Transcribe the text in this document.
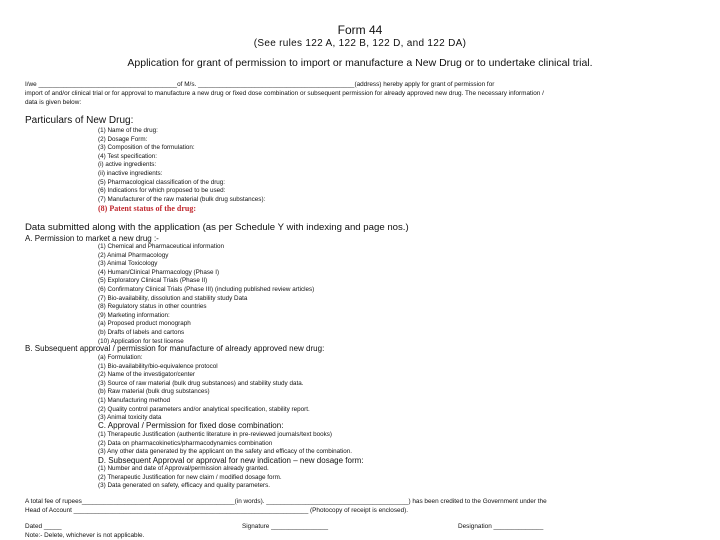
Form 44
(See rules 122 A, 122 B, 122 D, and 122 DA)
Application for grant of permission to import or manufacture a New Drug or to undertake clinical trial.
I/we _______________________________________of M/s. ____________________________________________(address) hereby apply for grant of permission for
import of and/or clinical trial or for approval to manufacture a new drug or fixed dose combination or subsequent permission for already approved new drug. The necessary information /
data is given below:
Particulars of New Drug:
(1) Name of the drug:
(2) Dosage Form:
(3) Composition of the formulation:
(4) Test specification:
(i) active ingredients:
(ii) inactive ingredients:
(5) Pharmacological classification of the drug:
(6) Indications for which proposed to be used:
(7) Manufacturer of the raw material (bulk drug substances):
(8) Patent status of the drug:
Data submitted along with the application (as per Schedule Y with indexing and page nos.)
A. Permission to market a new drug :-
(1) Chemical and Pharmaceutical information
(2) Animal Pharmacology
(3) Animal Toxicology
(4) Human/Clinical Pharmacology (Phase I)
(5) Exploratory Clinical Trials (Phase II)
(6) Confirmatory Clinical Trials (Phase III) (including published review articles)
(7) Bio-availability, dissolution and stability study Data
(8) Regulatory status in other countries
(9) Marketing information:
(a) Proposed product monograph
(b) Drafts of labels and cartons
(10) Application for test license
B. Subsequent approval / permission for manufacture of already approved new drug:
(a) Formulation:
(1) Bio-availability/bio-equivalence protocol
(2) Name of the investigator/center
(3) Source of raw material (bulk drug substances) and stability study data.
(b) Raw material (bulk drug substances)
(1) Manufacturing method
(2) Quality control parameters and/or analytical specification, stability report.
(3) Animal toxicity data
C. Approval / Permission for fixed dose combination:
(1) Therapeutic Justification (authentic literature in pre-reviewed journals/text books)
(2) Data on pharmacokinetics/pharmacodynamics combination
(3) Any other data generated by the applicant on the safety and efficacy of the combination.
D. Subsequent Approval or approval for new indication – new dosage form:
(1) Number and date of Approval/permission already granted.
(2) Therapeutic Justification for new claim / modified dosage form.
(3) Data generated on safety, efficacy and quality parameters.
A total fee of rupees___________________________________________(in words). ________________________________________) has been credited to the Government under the
Head of Account __________________________________________________________________ (Photocopy of receipt is enclosed).
Dated _____	Signature ________________	Designation ______________
Note:- Delete, whichever is not applicable.
